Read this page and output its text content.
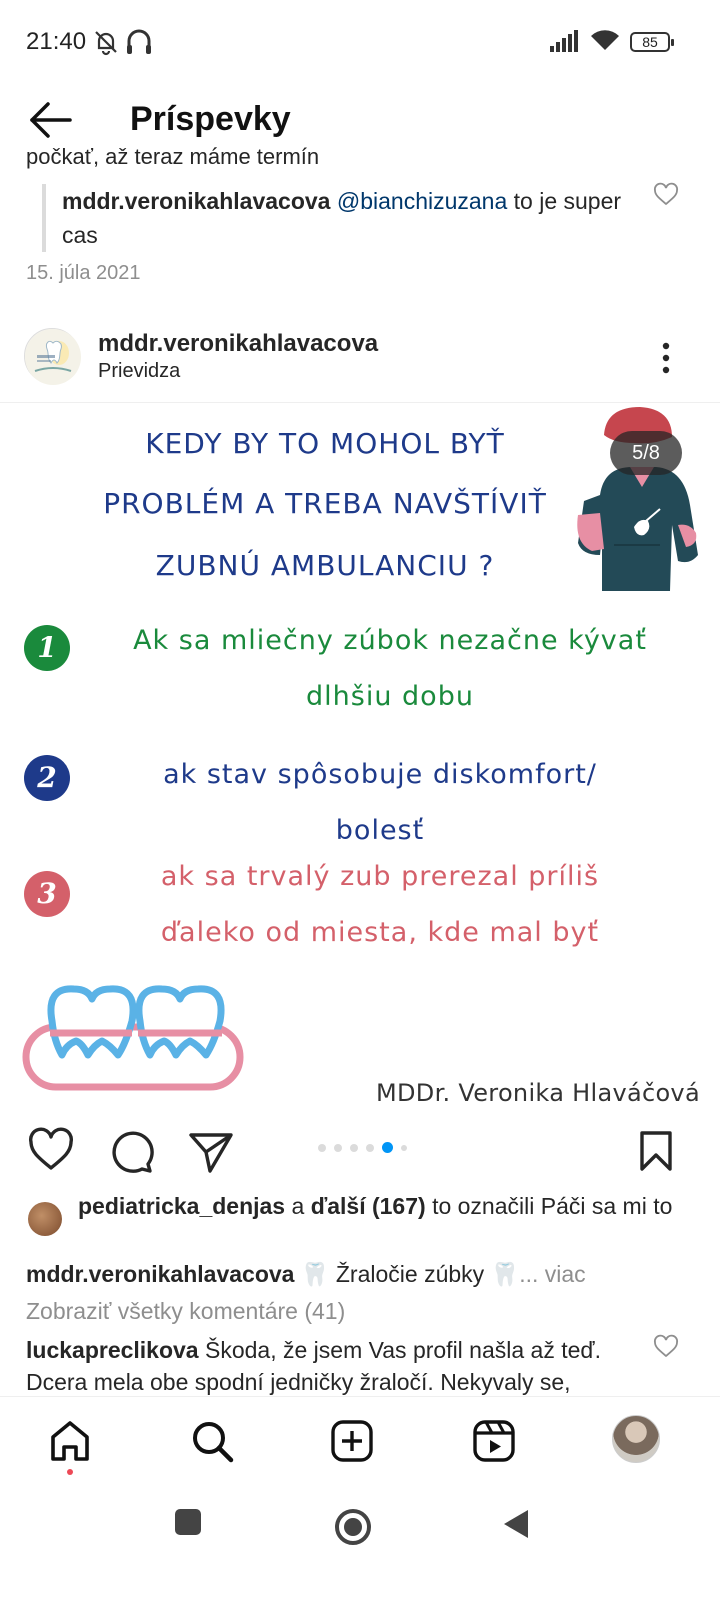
21:40	85
Príspevky
počkať, až teraz máme termín
mddr.veronikahlavacova @bianchizuzana to je super cas
15. júla 2021
mddr.veronikahlavacova
Prievidza
5/8
KEDY BY TO MOHOL BYŤ
PROBLÉM A TREBA NAVŠTÍVIŤ
ZUBNÚ AMBULANCIU ?
1	Ak sa mliečny zúbok nezačne kývať
dlhšiu dobu
2	ak stav spôsobuje diskomfort/
bolesť
3
ak sa trvalý zub prerezal príliš
ďaleko od miesta, kde mal byť
MDDr. Veronika Hlaváčová
pediatricka_denjas a ďalší (167) to označili Páči sa mi to
mddr.veronikahlavacova 🦷 Žraločie zúbky 🦷... viac
Zobraziť všetky komentáre (41)
luckapreclikova Škoda, že jsem Vas profil našla až teď. Dcera mela obe spodní jedničky žraločí. Nekyvaly se,
